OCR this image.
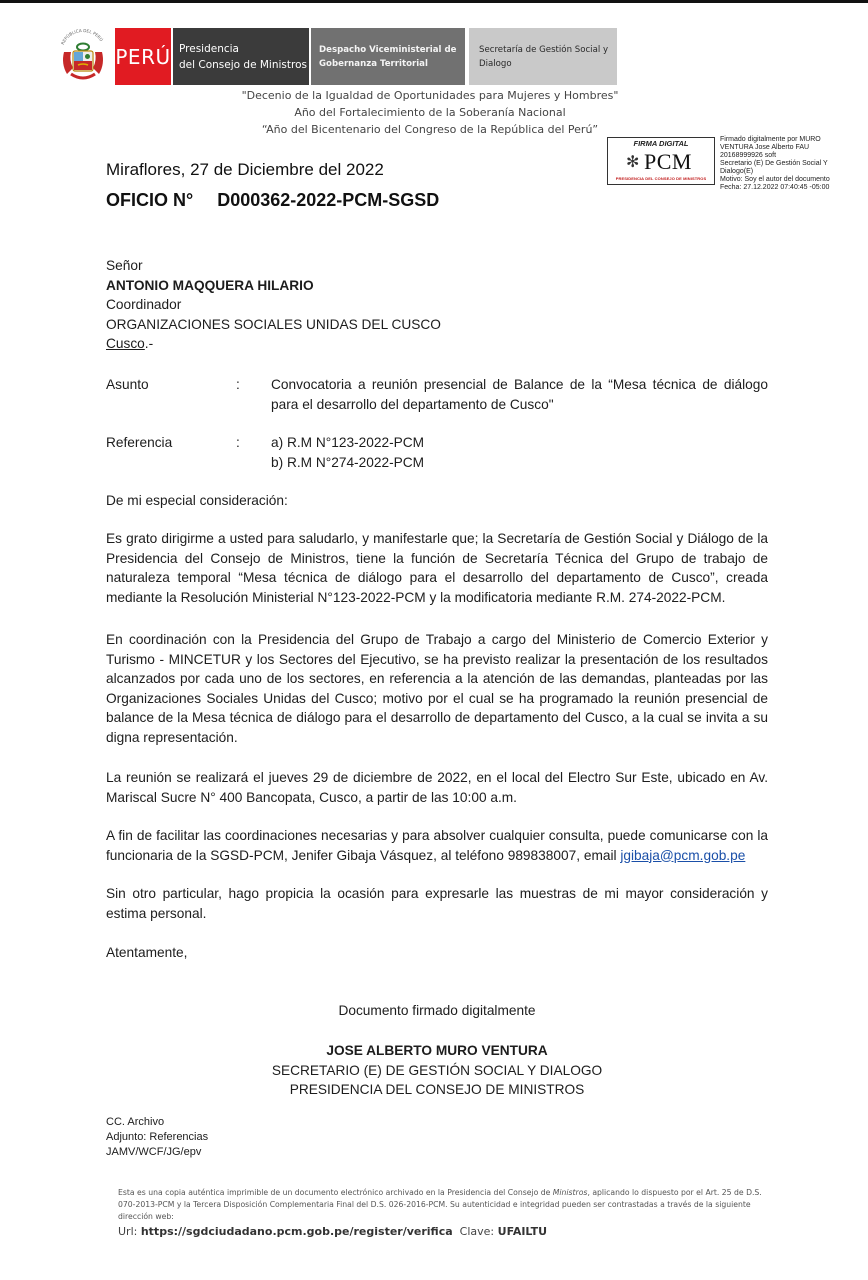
REPÚBLICA DEL PERÚ
PERÚ Presidencia
del Consejo de Ministros
Despacho Viceministerial de
Gobernanza Territorial
Secretaría de Gestión Social y
Dialogo
"Decenio de la Igualdad de Oportunidades para Mujeres y Hombres"
Año del Fortalecimiento de la Soberanía Nacional
“Año del Bicentenario del Congreso de la República del Perú”
FIRMA DIGITAL
✻ PCM
PRESIDENCIA DEL CONSEJO DE MINISTROS
Firmado digitalmente por MURO
VENTURA Jose Alberto FAU
20168999926 soft
Secretario (E) De Gestión Social Y
Dialogo(E)
Motivo: Soy el autor del documento
Fecha: 27.12.2022 07:40:45 -05:00
Miraflores, 27 de Diciembre del 2022
OFICIO N° D000362-2022-PCM-SGSD
Señor
ANTONIO MAQQUERA HILARIO
Coordinador
ORGANIZACIONES SOCIALES UNIDAS DEL CUSCO
Cusco.-
Asunto	:	Convocatoria a reunión presencial de Balance de la “Mesa técnica de diálogo para el desarrollo del departamento de Cusco"
Referencia	:	a) R.M N°123-2022-PCM
b) R.M N°274-2022-PCM
De mi especial consideración:
Es grato dirigirme a usted para saludarlo, y manifestarle que; la Secretaría de Gestión Social y Diálogo de la Presidencia del Consejo de Ministros, tiene la función de Secretaría Técnica del Grupo de trabajo de naturaleza temporal “Mesa técnica de diálogo para el desarrollo del departamento de Cusco”, creada mediante la Resolución Ministerial N°123-2022-PCM y la modificatoria mediante R.M. 274-2022-PCM.
En coordinación con la Presidencia del Grupo de Trabajo a cargo del Ministerio de Comercio Exterior y Turismo - MINCETUR y los Sectores del Ejecutivo, se ha previsto realizar la presentación de los resultados alcanzados por cada uno de los sectores, en referencia a la atención de las demandas, planteadas por las Organizaciones Sociales Unidas del Cusco; motivo por el cual se ha programado la reunión presencial de balance de la Mesa técnica de diálogo para el desarrollo de departamento del Cusco, a la cual se invita a su digna representación.
La reunión se realizará el jueves 29 de diciembre de 2022, en el local del Electro Sur Este, ubicado en Av. Mariscal Sucre N° 400 Bancopata, Cusco, a partir de las 10:00 a.m.
A fin de facilitar las coordinaciones necesarias y para absolver cualquier consulta, puede comunicarse con la funcionaria de la SGSD-PCM, Jenifer Gibaja Vásquez, al teléfono 989838007, email jgibaja@pcm.gob.pe
Sin otro particular, hago propicia la ocasión para expresarle las muestras de mi mayor consideración y estima personal.
Atentamente,
Documento firmado digitalmente
JOSE ALBERTO MURO VENTURA
SECRETARIO (E) DE GESTIÓN SOCIAL Y DIALOGO
PRESIDENCIA DEL CONSEJO DE MINISTROS
CC. Archivo
Adjunto: Referencias
JAMV/WCF/JG/epv
Esta es una copia auténtica imprimible de un documento electrónico archivado en la Presidencia del Consejo de Ministros, aplicando lo dispuesto por el Art. 25 de D.S. 070-2013-PCM y la Tercera Disposición Complementaria Final del D.S. 026-2016-PCM. Su autenticidad e integridad pueden ser contrastadas a través de la siguiente dirección web:
Url: https://sgdciudadano.pcm.gob.pe/register/verifica Clave: UFAILTU
